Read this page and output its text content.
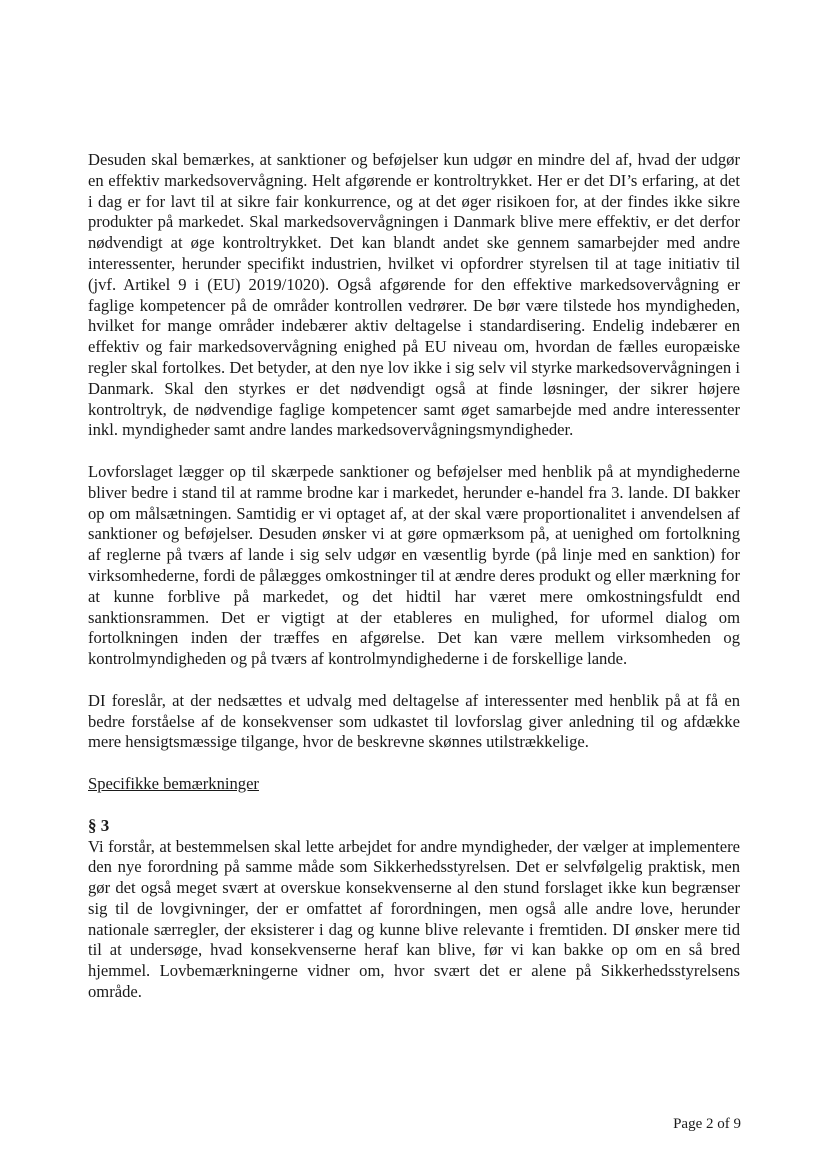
Desuden skal bemærkes, at sanktioner og beføjelser kun udgør en mindre del af, hvad der udgør en effektiv markedsovervågning. Helt afgørende er kontroltrykket. Her er det DI’s erfaring, at det i dag er for lavt til at sikre fair konkurrence, og at det øger risikoen for, at der findes ikke sikre produkter på markedet. Skal markedsovervågningen i Danmark blive mere effektiv, er det derfor nødvendigt at øge kontroltrykket. Det kan blandt andet ske gennem samarbejder med andre interessenter, herunder specifikt industrien, hvilket vi opfordrer styrelsen til at tage initiativ til (jvf. Artikel 9 i (EU) 2019/1020). Også afgørende for den effektive markedsovervågning er faglige kompetencer på de områder kontrollen vedrører. De bør være tilstede hos myndigheden, hvilket for mange områder indebærer aktiv deltagelse i standardisering. Endelig indebærer en effektiv og fair markedsovervågning enighed på EU niveau om, hvordan de fælles europæiske regler skal fortolkes. Det betyder, at den nye lov ikke i sig selv vil styrke markedsovervågningen i Danmark. Skal den styrkes er det nødvendigt også at finde løsninger, der sikrer højere kontroltryk, de nødvendige faglige kompetencer samt øget samarbejde med andre interessenter inkl. myndigheder samt andre landes markedsovervågningsmyndigheder.

Lovforslaget lægger op til skærpede sanktioner og beføjelser med henblik på at myndighederne bliver bedre i stand til at ramme brodne kar i markedet, herunder e-handel fra 3. lande. DI bakker op om målsætningen. Samtidig er vi optaget af, at der skal være proportionalitet i anvendelsen af sanktioner og beføjelser. Desuden ønsker vi at gøre opmærksom på, at uenighed om fortolkning af reglerne på tværs af lande i sig selv udgør en væsentlig byrde (på linje med en sanktion) for virksomhederne, fordi de pålægges omkostninger til at ændre deres produkt og eller mærkning for at kunne forblive på markedet, og det hidtil har været mere omkostningsfuldt end sanktionsrammen. Det er vigtigt at der etableres en mulighed, for uformel dialog om fortolkningen inden der træffes en afgørelse. Det kan være mellem virksomheden og kontrolmyndigheden og på tværs af kontrolmyndighederne i de forskellige lande.

DI foreslår, at der nedsættes et udvalg med deltagelse af interessenter med henblik på at få en bedre forståelse af de konsekvenser som udkastet til lovforslag giver anledning til og afdække mere hensigtsmæssige tilgange, hvor de beskrevne skønnes utilstrækkelige.

Specifikke bemærkninger

§ 3

Vi forstår, at bestemmelsen skal lette arbejdet for andre myndigheder, der vælger at implementere den nye forordning på samme måde som Sikkerhedsstyrelsen. Det er selvfølgelig praktisk, men gør det også meget svært at overskue konsekvenserne al den stund forslaget ikke kun begrænser sig til de lovgivninger, der er omfattet af forordningen, men også alle andre love, herunder nationale særregler, der eksisterer i dag og kunne blive relevante i fremtiden. DI ønsker mere tid til at undersøge, hvad konsekvenserne heraf kan blive, før vi kan bakke op om en så bred hjemmel. Lovbemærkningerne vidner om, hvor svært det er alene på Sikkerhedsstyrelsens område.

Page 2 of 9
